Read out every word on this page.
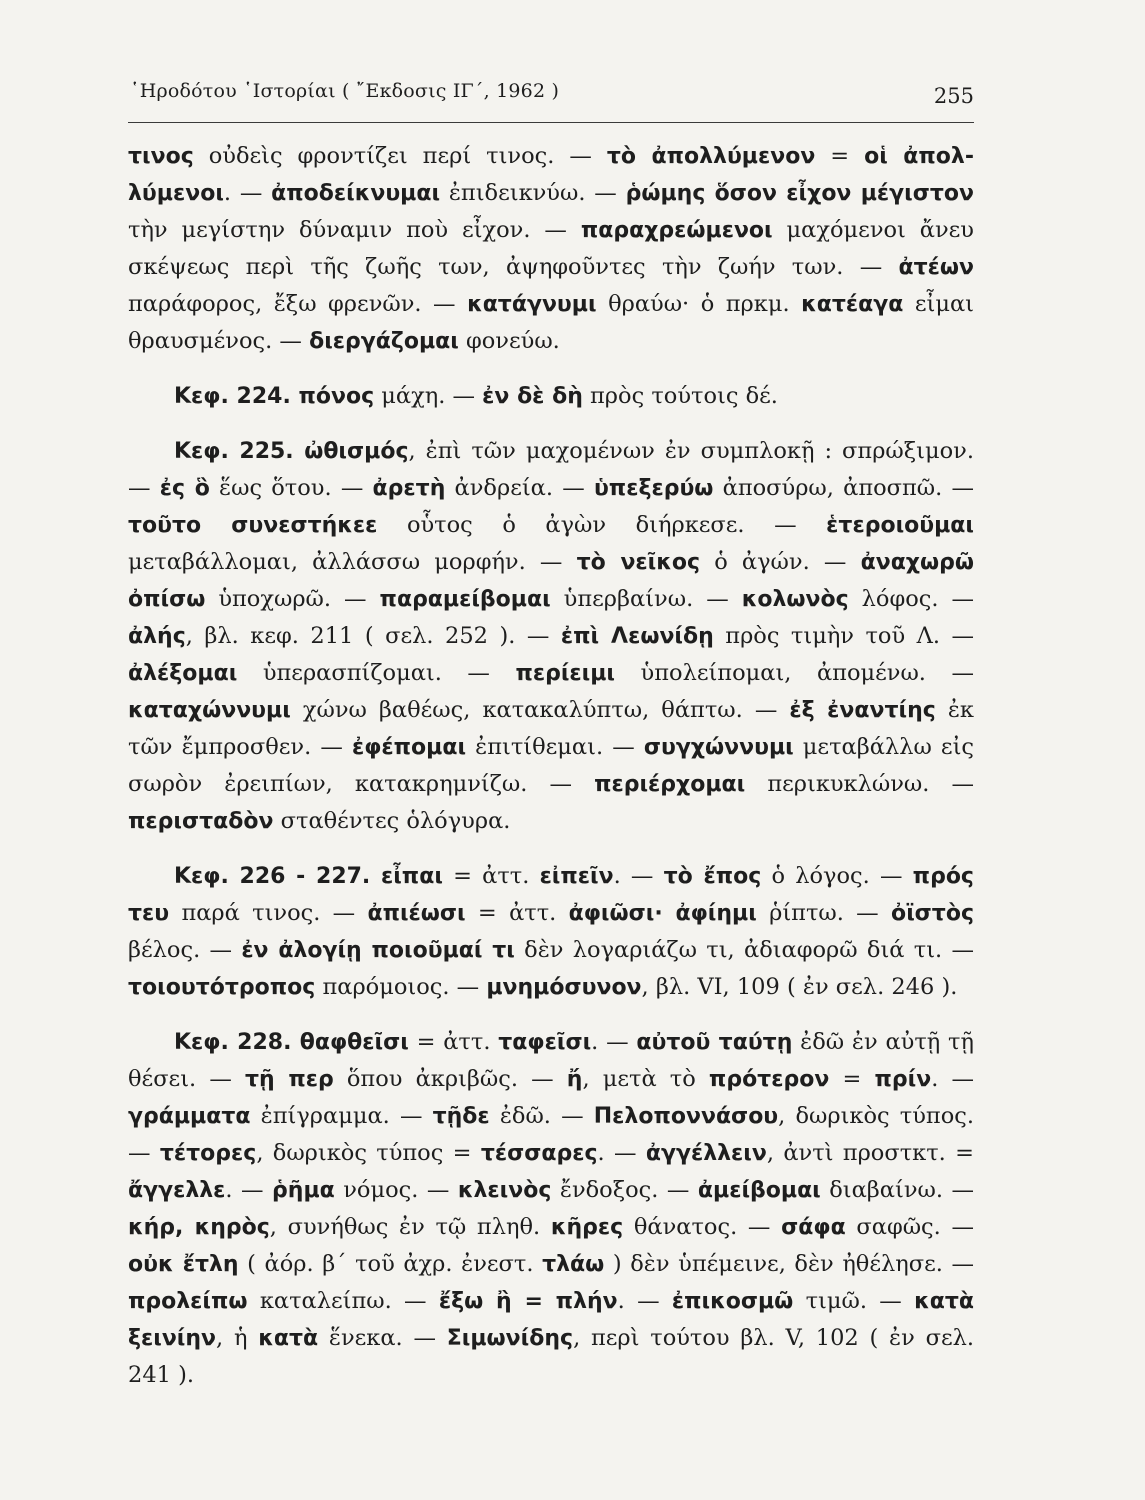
῾Ηροδότου ῾Ιστορίαι ( ῎Εκδοσις ΙΓ΄, 1962 )	255

τινος οὐδεὶς φροντίζει περί τινος. — τὸ ἀπολλύμενον = οἱ ἀπολλύμενοι. — ἀποδείκνυμαι ἐπιδεικνύω. — ῥώμης ὅσον εἶχον μέγιστον τὴν μεγίστην δύναμιν ποὺ εἶχον. — παραχρεώμενοι μαχόμενοι ἄνευ σκέψεως περὶ τῆς ζωῆς των, ἀψηφοῦντες τὴν ζωήν των. — ἀτέων παράφορος, ἔξω φρενῶν. — κατάγνυμι θραύω· ὁ πρκμ. κατέαγα εἶμαι θραυσμένος. — διεργάζομαι φονεύω.

Κεφ. 224. πόνος μάχη. — ἐν δὲ δὴ πρὸς τούτοις δέ.

Κεφ. 225. ὠθισμός, ἐπὶ τῶν μαχομένων ἐν συμπλοκῇ : σπρώξιμον. — ἐς ὃ ἕως ὅτου. — ἀρετὴ ἀνδρεία. — ὑπεξερύω ἀποσύρω, ἀποσπῶ. — τοῦτο συνεστήκεε οὗτος ὁ ἀγὼν διήρκεσε. — ἑτεροιοῦμαι μεταβάλλομαι, ἀλλάσσω μορφήν. — τὸ νεῖκος ὁ ἀγών. — ἀναχωρῶ ὀπίσω ὑποχωρῶ. — παραμείβομαι ὑπερβαίνω. — κολωνὸς λόφος. — ἀλής, βλ. κεφ. 211 ( σελ. 252 ). — ἐπὶ Λεωνίδῃ πρὸς τιμὴν τοῦ Λ. — ἀλέξομαι ὑπερασπίζομαι. — περίειμι ὑπολείπομαι, ἀπομένω. — καταχώννυμι χώνω βαθέως, κατακαλύπτω, θάπτω. — ἐξ ἐναντίης ἐκ τῶν ἔμπροσθεν. — ἐφέπομαι ἐπιτίθεμαι. — συγχώννυμι μεταβάλλω εἰς σωρὸν ἐρειπίων, κατακρημνίζω. — περιέρχομαι περικυκλώνω. — περισταδὸν σταθέντες ὁλόγυρα.

Κεφ. 226 - 227. εἶπαι = ἀττ. εἰπεῖν. — τὸ ἔπος ὁ λόγος. — πρός τευ παρά τινος. — ἀπιέωσι = ἀττ. ἀφιῶσι· ἀφίημι ῥίπτω. — ὀϊστὸς βέλος. — ἐν ἀλογίῃ ποιοῦμαί τι δὲν λογαριάζω τι, ἀδιαφορῶ διά τι. — τοιουτότροπος παρόμοιος. — μνημόσυνον, βλ. VI, 109 ( ἐν σελ. 246 ).

Κεφ. 228. θαφθεῖσι = ἀττ. ταφεῖσι. — αὐτοῦ ταύτῃ ἐδῶ ἐν αὐτῇ τῇ θέσει. — τῇ περ ὅπου ἀκριβῶς. — ἤ, μετὰ τὸ πρότερον = πρίν. — γράμματα ἐπίγραμμα. — τῇδε ἐδῶ. — Πελοποννάσου, δωρικὸς τύπος. — τέτορες, δωρικὸς τύπος = τέσσαρες. — ἀγγέλλειν, ἀντὶ προστκτ. = ἄγγελλε. — ῥῆμα νόμος. — κλεινὸς ἔνδοξος. — ἀμείβομαι διαβαίνω. — κήρ, κηρὸς, συνήθως ἐν τῷ πληθ. κῆρες θάνατος. — σάφα σαφῶς. — οὐκ ἔτλη ( ἀόρ. β΄ τοῦ ἀχρ. ἐνεστ. τλάω ) δὲν ὑπέμεινε, δὲν ἠθέλησε. — προλείπω καταλείπω. — ἔξω ἢ = πλήν. — ἐπικοσμῶ τιμῶ. — κατὰ ξεινίην, ἡ κατὰ ἕνεκα. — Σιμωνίδης, περὶ τούτου βλ. V, 102 ( ἐν σελ. 241 ).
